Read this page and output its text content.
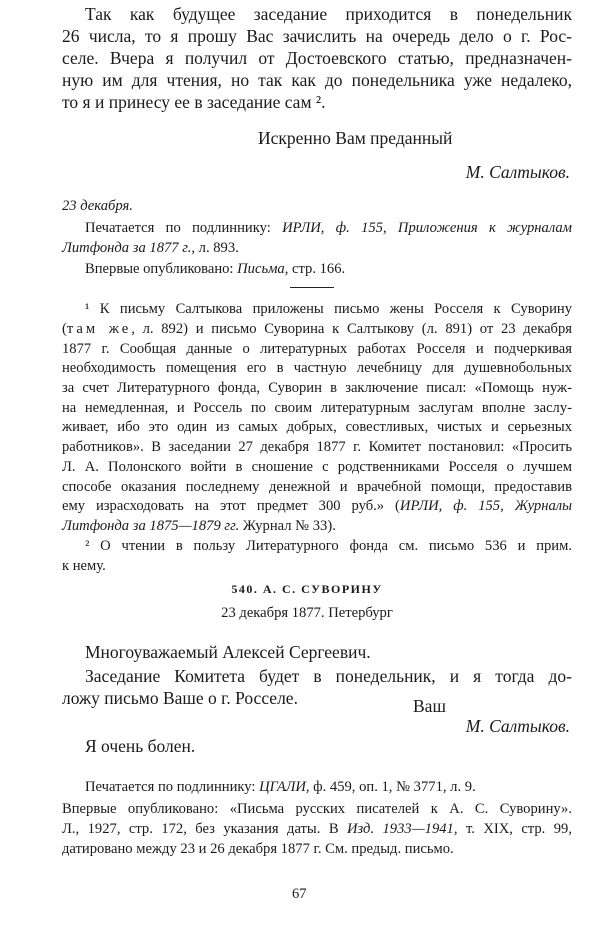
Так как будущее заседание приходится в понедельник
26 числа, то я прошу Вас зачислить на очередь дело о г. Рос-
селе. Вчера я получил от Достоевского статью, предназначен-
ную им для чтения, но так как до понедельника уже недалеко,
то я и принесу ее в заседание сам ².
Искренно Вам преданный
М. Салтыков.
23 декабря.
Печатается по подлиннику: ИРЛИ, ф. 155, Приложения к журналам
Литфонда за 1877 г., л. 893.
Впервые опубликовано: Письма, стр. 166.
¹ К письму Салтыкова приложены письмо жены Росселя к Суворину
(там же, л. 892) и письмо Суворина к Салтыкову (л. 891) от 23 декабря
1877 г. Сообщая данные о литературных работах Росселя и подчеркивая
необходимость помещения его в частную лечебницу для душевнобольных
за счет Литературного фонда, Суворин в заключение писал: «Помощь нуж-
на немедленная, и Россель по своим литературным заслугам вполне заслу-
живает, ибо это один из самых добрых, совестливых, чистых и серьезных
работников». В заседании 27 декабря 1877 г. Комитет постановил: «Просить
Л. А. Полонского войти в сношение с родственниками Росселя о лучшем
способе оказания последнему денежной и врачебной помощи, предоставив
ему израсходовать на этот предмет 300 руб.» (ИРЛИ, ф. 155, Журналы
Литфонда за 1875—1879 гг. Журнал № 33).
² О чтении в пользу Литературного фонда см. письмо 536 и прим.
к нему.
540. А. С. СУВОРИНУ
23 декабря 1877. Петербург
Многоуважаемый Алексей Сергеевич.
Заседание Комитета будет в понедельник, и я тогда до-
ложу письмо Ваше о г. Росселе.	Ваш
М. Салтыков.
Я очень болен.
Печатается по подлиннику: ЦГАЛИ, ф. 459, оп. 1, № 3771, л. 9.
Впервые опубликовано: «Письма русских писателей к А. С. Суворину».
Л., 1927, стр. 172, без указания даты. В Изд. 1933—1941, т. XIX, стр. 99,
датировано между 23 и 26 декабря 1877 г. См. предыд. письмо.
67
